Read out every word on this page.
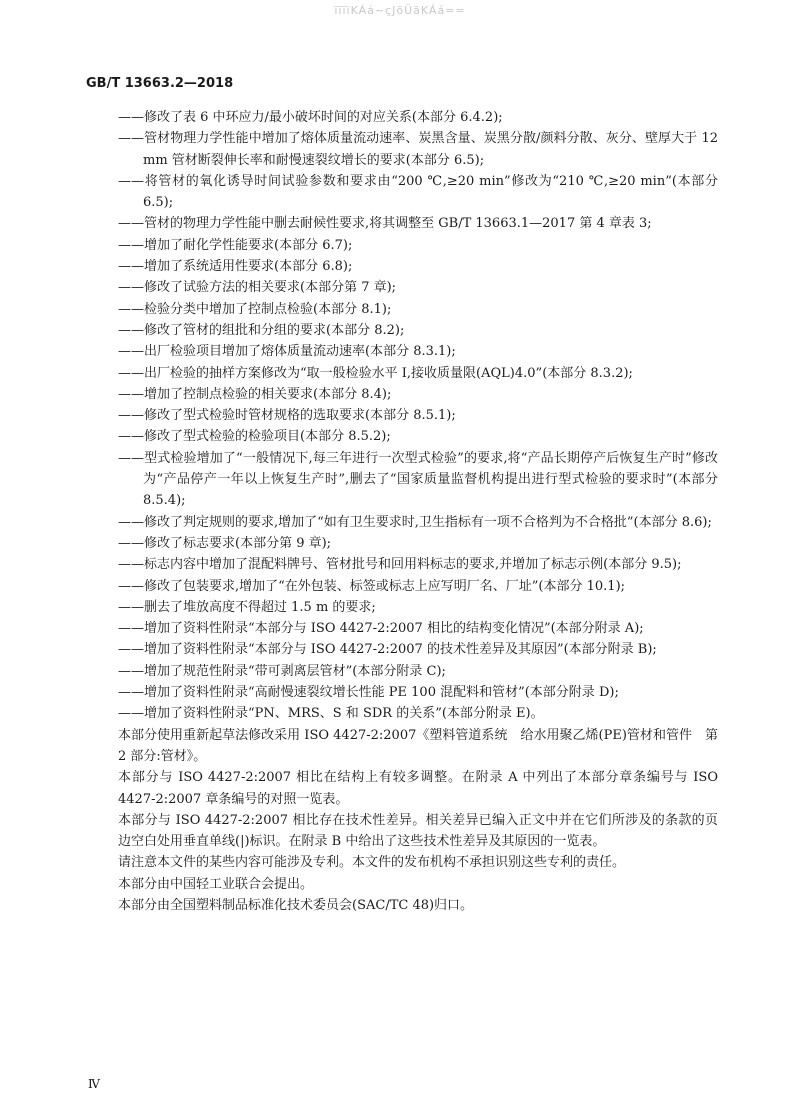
ïïïïKÁá~çJõÜãKÁá==
GB/T 13663.2—2018
——修改了表 6 中环应力/最小破坏时间的对应关系(本部分 6.4.2);
——管材物理力学性能中增加了熔体质量流动速率、炭黑含量、炭黑分散/颜料分散、灰分、壁厚大于 12 mm 管材断裂伸长率和耐慢速裂纹增长的要求(本部分 6.5);
——将管材的氧化诱导时间试验参数和要求由“200 ℃,≥20 min”修改为“210 ℃,≥20 min”(本部分 6.5);
——管材的物理力学性能中删去耐候性要求,将其调整至 GB/T 13663.1—2017 第 4 章表 3;
——增加了耐化学性能要求(本部分 6.7);
——增加了系统适用性要求(本部分 6.8);
——修改了试验方法的相关要求(本部分第 7 章);
——检验分类中增加了控制点检验(本部分 8.1);
——修改了管材的组批和分组的要求(本部分 8.2);
——出厂检验项目增加了熔体质量流动速率(本部分 8.3.1);
——出厂检验的抽样方案修改为“取一般检验水平 I,接收质量限(AQL)4.0”(本部分 8.3.2);
——增加了控制点检验的相关要求(本部分 8.4);
——修改了型式检验时管材规格的选取要求(本部分 8.5.1);
——修改了型式检验的检验项目(本部分 8.5.2);
——型式检验增加了“一般情况下,每三年进行一次型式检验”的要求,将“产品长期停产后恢复生产时”修改为“产品停产一年以上恢复生产时”,删去了“国家质量监督机构提出进行型式检验的要求时”(本部分 8.5.4);
——修改了判定规则的要求,增加了“如有卫生要求时,卫生指标有一项不合格判为不合格批”(本部分 8.6);
——修改了标志要求(本部分第 9 章);
——标志内容中增加了混配料牌号、管材批号和回用料标志的要求,并增加了标志示例(本部分 9.5);
——修改了包装要求,增加了“在外包装、标签或标志上应写明厂名、厂址”(本部分 10.1);
——删去了堆放高度不得超过 1.5 m 的要求;
——增加了资料性附录“本部分与 ISO 4427-2:2007 相比的结构变化情况”(本部分附录 A);
——增加了资料性附录“本部分与 ISO 4427-2:2007 的技术性差异及其原因”(本部分附录 B);
——增加了规范性附录“带可剥离层管材”(本部分附录 C);
——增加了资料性附录“高耐慢速裂纹增长性能 PE 100 混配料和管材”(本部分附录 D);
——增加了资料性附录“PN、MRS、S 和 SDR 的关系”(本部分附录 E)。
本部分使用重新起草法修改采用 ISO 4427-2:2007《塑料管道系统　给水用聚乙烯(PE)管材和管件　第 2 部分:管材》。
本部分与 ISO 4427-2:2007 相比在结构上有较多调整。在附录 A 中列出了本部分章条编号与 ISO 4427-2:2007 章条编号的对照一览表。
本部分与 ISO 4427-2:2007 相比存在技术性差异。相关差异已编入正文中并在它们所涉及的条款的页边空白处用垂直单线(|)标识。在附录 B 中给出了这些技术性差异及其原因的一览表。
请注意本文件的某些内容可能涉及专利。本文件的发布机构不承担识别这些专利的责任。
本部分由中国轻工业联合会提出。
本部分由全国塑料制品标准化技术委员会(SAC/TC 48)归口。
Ⅳ
